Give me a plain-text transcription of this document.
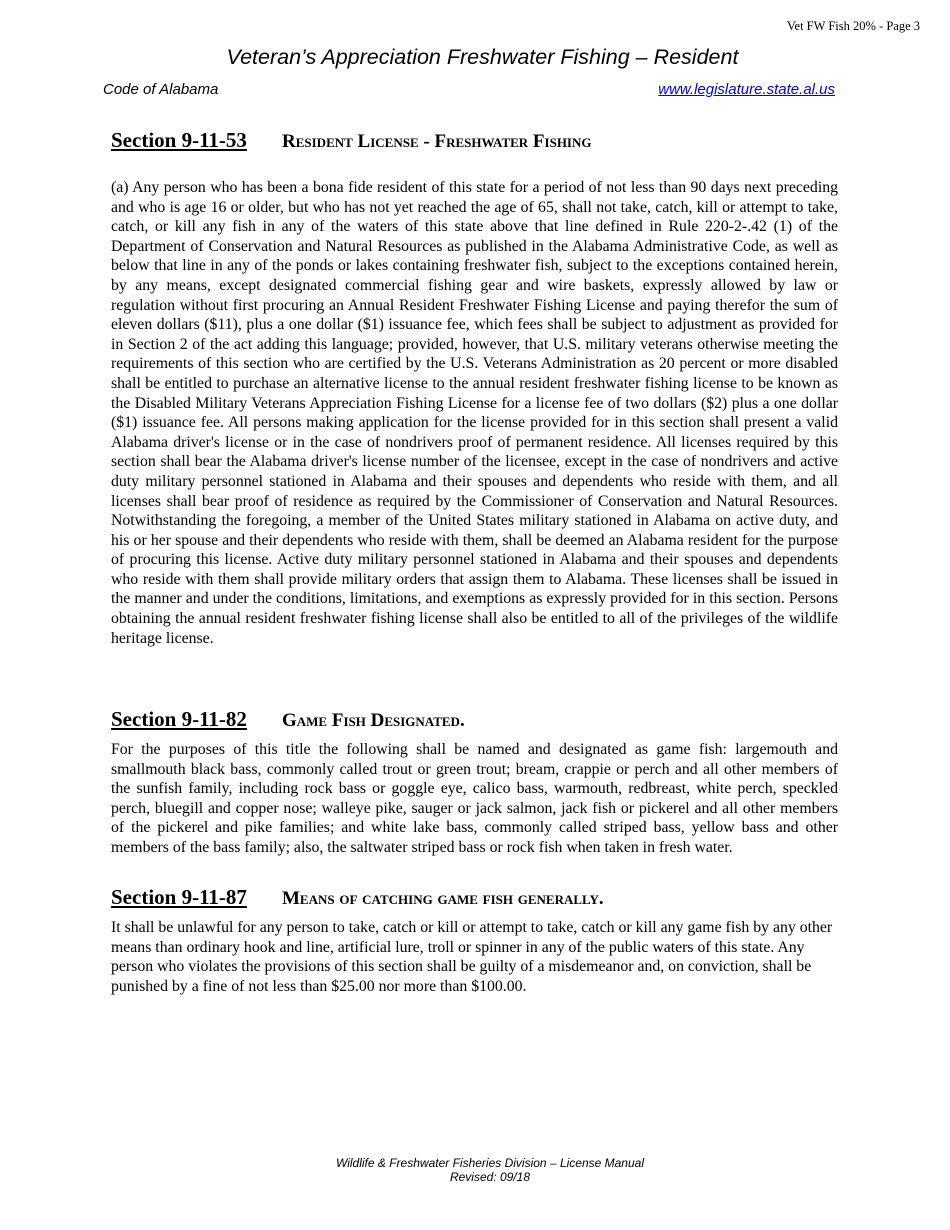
Vet FW Fish 20% - Page 3
Veteran’s Appreciation Freshwater Fishing – Resident
Code of Alabama	www.legislature.state.al.us
Section 9-11-53	Resident License - Freshwater Fishing

(a) Any person who has been a bona fide resident of this state for a period of not less than 90 days next preceding and who is age 16 or older, but who has not yet reached the age of 65, shall not take, catch, kill or attempt to take, catch, or kill any fish in any of the waters of this state above that line defined in Rule 220-2-.42 (1) of the Department of Conservation and Natural Resources as published in the Alabama Administrative Code, as well as below that line in any of the ponds or lakes containing freshwater fish, subject to the exceptions contained herein, by any means, except designated commercial fishing gear and wire baskets, expressly allowed by law or regulation without first procuring an Annual Resident Freshwater Fishing License and paying therefor the sum of eleven dollars ($11), plus a one dollar ($1) issuance fee, which fees shall be subject to adjustment as provided for in Section 2 of the act adding this language; provided, however, that U.S. military veterans otherwise meeting the requirements of this section who are certified by the U.S. Veterans Administration as 20 percent or more disabled shall be entitled to purchase an alternative license to the annual resident freshwater fishing license to be known as the Disabled Military Veterans Appreciation Fishing License for a license fee of two dollars ($2) plus a one dollar ($1) issuance fee. All persons making application for the license provided for in this section shall present a valid Alabama driver's license or in the case of nondrivers proof of permanent residence. All licenses required by this section shall bear the Alabama driver's license number of the licensee, except in the case of nondrivers and active duty military personnel stationed in Alabama and their spouses and dependents who reside with them, and all licenses shall bear proof of residence as required by the Commissioner of Conservation and Natural Resources. Notwithstanding the foregoing, a member of the United States military stationed in Alabama on active duty, and his or her spouse and their dependents who reside with them, shall be deemed an Alabama resident for the purpose of procuring this license. Active duty military personnel stationed in Alabama and their spouses and dependents who reside with them shall provide military orders that assign them to Alabama. These licenses shall be issued in the manner and under the conditions, limitations, and exemptions as expressly provided for in this section. Persons obtaining the annual resident freshwater fishing license shall also be entitled to all of the privileges of the wildlife heritage license.

Section 9-11-82	Game Fish Designated.

For the purposes of this title the following shall be named and designated as game fish: largemouth and smallmouth black bass, commonly called trout or green trout; bream, crappie or perch and all other members of the sunfish family, including rock bass or goggle eye, calico bass, warmouth, redbreast, white perch, speckled perch, bluegill and copper nose; walleye pike, sauger or jack salmon, jack fish or pickerel and all other members of the pickerel and pike families; and white lake bass, commonly called striped bass, yellow bass and other members of the bass family; also, the saltwater striped bass or rock fish when taken in fresh water.

Section 9-11-87	Means of catching game fish generally.

It shall be unlawful for any person to take, catch or kill or attempt to take, catch or kill any game fish by any other means than ordinary hook and line, artificial lure, troll or spinner in any of the public waters of this state. Any person who violates the provisions of this section shall be guilty of a misdemeanor and, on conviction, shall be punished by a fine of not less than $25.00 nor more than $100.00.

Wildlife & Freshwater Fisheries Division – License Manual
Revised: 09/18
